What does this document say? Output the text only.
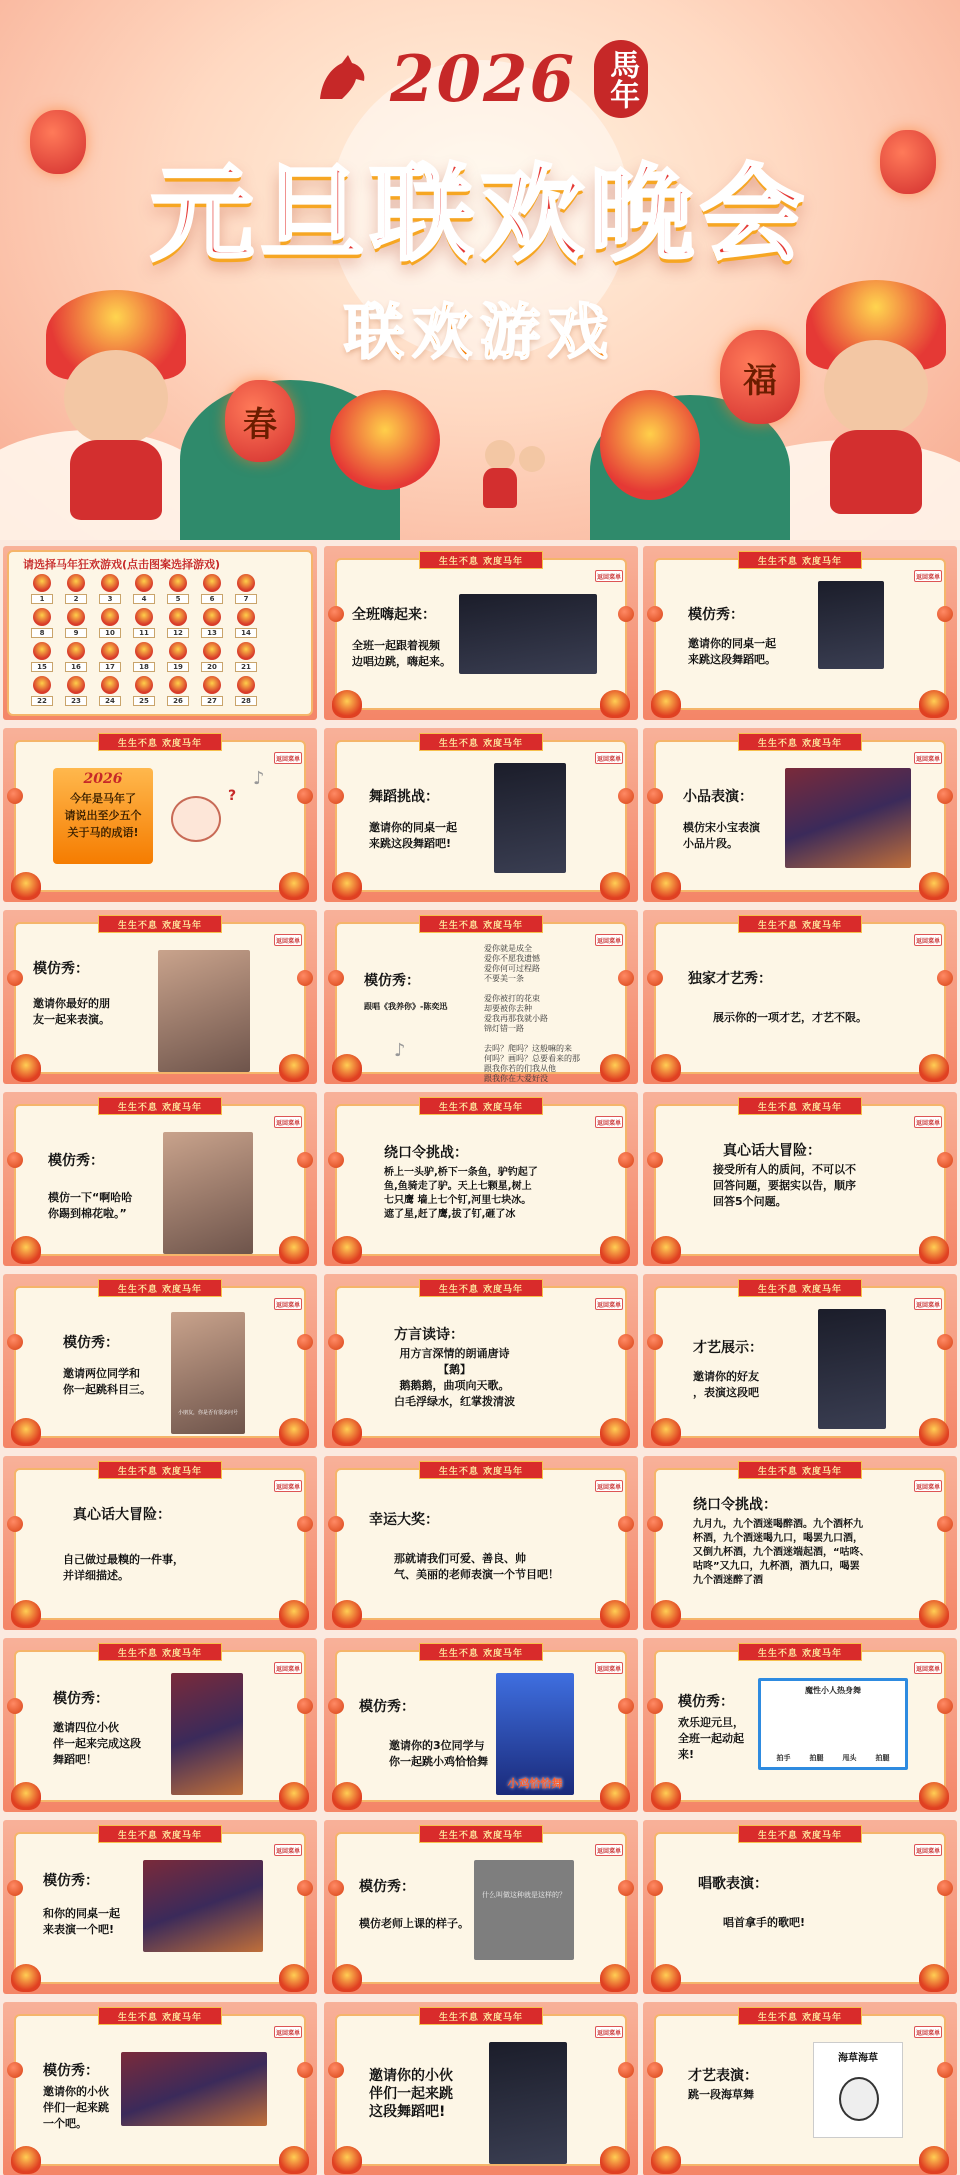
春
福
2026 馬年
元旦联欢晚会
联欢游戏
请选择马年狂欢游戏(点击图案选择游戏)
1	2	3	4	5	6	7
8	9	10	11	12	13	14
15	16	17	18	19	20	21
22	23	24	25	26	27	28
生生不息 欢度马年
返回菜单
全班嗨起来：
全班一起跟着视频
边唱边跳，嗨起来。
生生不息 欢度马年
返回菜单
模仿秀：
邀请你的同桌一起
来跳这段舞蹈吧。
生生不息 欢度马年
返回菜单
2026
今年是马年了
请说出至少五个
关于马的成语!
?
♪
生生不息 欢度马年
返回菜单
舞蹈挑战：
邀请你的同桌一起
来跳这段舞蹈吧!
生生不息 欢度马年
返回菜单
小品表演：
模仿宋小宝表演
小品片段。
生生不息 欢度马年
返回菜单
模仿秀：
邀请你最好的朋
友一起来表演。
生生不息 欢度马年
返回菜单
模仿秀：
跟唱《我养你》-陈奕迅
爱你就是成全
爱你不愿我遗憾
爱你何可过程路
不要美一条

爱你被打的花束
却要被你去种
爱我再那我就小路
锦灯错一路

去吗？爬吗？这般嘛的来
何吗？画吗？总要看来的那
跟我你若的们我从他
跟我你在大爱好没
♪
生生不息 欢度马年
返回菜单
独家才艺秀：
展示你的一项才艺，才艺不限。
生生不息 欢度马年
返回菜单
模仿秀：
模仿一下“啊哈哈
你踢到棉花啦。”
生生不息 欢度马年
返回菜单
绕口令挑战：
桥上一头驴,桥下一条鱼，驴钓起了
鱼,鱼骑走了驴。天上七颗星,树上
七只鹰 墙上七个钉,河里七块冰。
遮了星,赶了鹰,拔了钉,砸了冰
生生不息 欢度马年
返回菜单
真心话大冒险：
接受所有人的质问，不可以不
回答问题，要据实以告，顺序
回答5个问题。
生生不息 欢度马年
返回菜单
模仿秀：
邀请两位同学和
你一起跳科目三。
小朋友，你是否有很多问号
生生不息 欢度马年
返回菜单
方言读诗：
用方言深情的朗诵唐诗
【鹅】
鹅鹅鹅，曲项向天歌。
白毛浮绿水，红掌拨清波
生生不息 欢度马年
返回菜单
才艺展示：
邀请你的好友
，表演这段吧
生生不息 欢度马年
返回菜单
真心话大冒险：
自己做过最糗的一件事，
并详细描述。
生生不息 欢度马年
返回菜单
幸运大奖：
那就请我们可爱、善良、帅
气、美丽的老师表演一个节目吧！
生生不息 欢度马年
返回菜单
绕口令挑战：
九月九，九个酒迷喝醉酒。九个酒杯九
杯酒，九个酒迷喝九口，喝罢九口酒，
又倒九杯酒，九个酒迷端起酒，“咕咚、
咕咚”又九口，九杯酒，酒九口，喝罢
九个酒迷醉了酒
生生不息 欢度马年
返回菜单
模仿秀：
邀请四位小伙
伴一起来完成这段
舞蹈吧！
生生不息 欢度马年
返回菜单
模仿秀：
邀请你的3位同学与
你一起跳小鸡恰恰舞
小鸡恰恰舞
生生不息 欢度马年
返回菜单
模仿秀：
欢乐迎元旦，
全班一起动起
来!
魔性小人热身舞
拍手	拍腿	甩头	拍腿
生生不息 欢度马年
返回菜单
模仿秀：
和你的同桌一起
来表演一个吧!
生生不息 欢度马年
返回菜单
模仿秀：
模仿老师上课的样子。
什么叫做这种就是这样的？
生生不息 欢度马年
返回菜单
唱歌表演：
唱首拿手的歌吧!
生生不息 欢度马年
返回菜单
模仿秀：
邀请你的小伙
伴们一起来跳
一个吧。
生生不息 欢度马年
返回菜单
邀请你的小伙
伴们一起来跳
这段舞蹈吧!
生生不息 欢度马年
返回菜单
才艺表演：
跳一段海草舞
海草海草
